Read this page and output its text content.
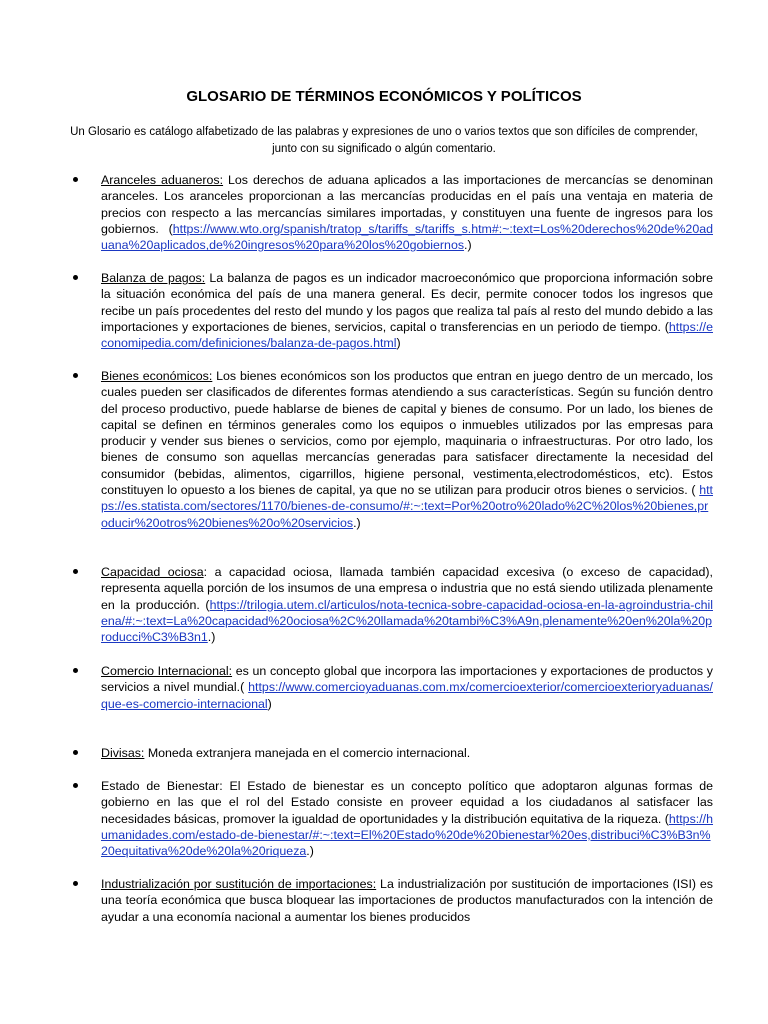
GLOSARIO DE TÉRMINOS ECONÓMICOS Y POLÍTICOS
Un Glosario es catálogo alfabetizado de las palabras y expresiones de uno o varios textos que son difíciles de comprender, junto con su significado o algún comentario.
Aranceles aduaneros: Los derechos de aduana aplicados a las importaciones de mercancías se denominan aranceles. Los aranceles proporcionan a las mercancías producidas en el país una ventaja en materia de precios con respecto a las mercancías similares importadas, y constituyen una fuente de ingresos para los gobiernos. (https://www.wto.org/spanish/tratop_s/tariffs_s/tariffs_s.htm#:~:text=Los%20derechos%20de%20aduana%20aplicados,de%20ingresos%20para%20los%20gobiernos.)
Balanza de pagos: La balanza de pagos es un indicador macroeconómico que proporciona información sobre la situación económica del país de una manera general. Es decir, permite conocer todos los ingresos que recibe un país procedentes del resto del mundo y los pagos que realiza tal país al resto del mundo debido a las importaciones y exportaciones de bienes, servicios, capital o transferencias en un periodo de tiempo. (https://economipedia.com/definiciones/balanza-de-pagos.html)
Bienes económicos: Los bienes económicos son los productos que entran en juego dentro de un mercado, los cuales pueden ser clasificados de diferentes formas atendiendo a sus características. Según su función dentro del proceso productivo, puede hablarse de bienes de capital y bienes de consumo. Por un lado, los bienes de capital se definen en términos generales como los equipos o inmuebles utilizados por las empresas para producir y vender sus bienes o servicios, como por ejemplo, maquinaria o infraestructuras. Por otro lado, los bienes de consumo son aquellas mercancías generadas para satisfacer directamente la necesidad del consumidor (bebidas, alimentos, cigarrillos, higiene personal, vestimenta,electrodomésticos, etc). Estos constituyen lo opuesto a los bienes de capital, ya que no se utilizan para producir otros bienes o servicios. ( https://es.statista.com/sectores/1170/bienes-de-consumo/#:~:text=Por%20otro%20lado%2C%20los%20bienes,producir%20otros%20bienes%20o%20servicios.)
Capacidad ociosa: a capacidad ociosa, llamada también capacidad excesiva (o exceso de capacidad), representa aquella porción de los insumos de una empresa o industria que no está siendo utilizada plenamente en la producción. (https://trilogia.utem.cl/articulos/nota-tecnica-sobre-capacidad-ociosa-en-la-agroindustria-chilena/#:~:text=La%20capacidad%20ociosa%2C%20llamada%20tambi%C3%A9n,plenamente%20en%20la%20producci%C3%B3n1.)
Comercio Internacional: es un concepto global que incorpora las importaciones y exportaciones de productos y servicios a nivel mundial.( https://www.comercioyaduanas.com.mx/comercioexterior/comercioexterioryaduanas/que-es-comercio-internacional)
Divisas: Moneda extranjera manejada en el comercio internacional.
Estado de Bienestar: El Estado de bienestar es un concepto político que adoptaron algunas formas de gobierno en las que el rol del Estado consiste en proveer equidad a los ciudadanos al satisfacer las necesidades básicas, promover la igualdad de oportunidades y la distribución equitativa de la riqueza. (https://humanidades.com/estado-de-bienestar/#:~:text=El%20Estado%20de%20bienestar%20es,distribuci%C3%B3n%20equitativa%20de%20la%20riqueza.)
Industrialización por sustitución de importaciones: La industrialización por sustitución de importaciones (ISI) es una teoría económica que busca bloquear las importaciones de productos manufacturados con la intención de ayudar a una economía nacional a aumentar los bienes producidos
